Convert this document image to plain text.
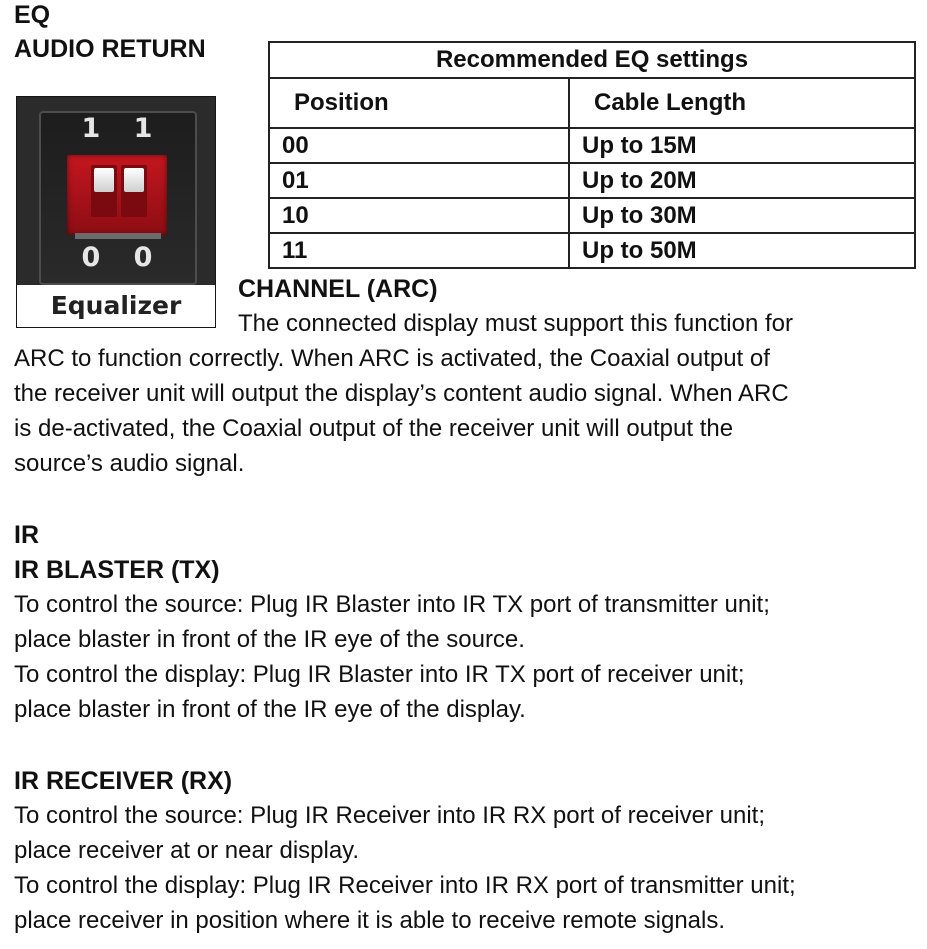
EQ
AUDIO RETURN
1 1
0 0
Equalizer
Recommended EQ settings	
Position	Cable Length
00	Up to 15M
01	Up to 20M
10	Up to 30M
11	Up to 50M
CHANNEL (ARC)
The connected display must support this function for
ARC to function correctly. When ARC is activated, the Coaxial output of
the receiver unit will output the display’s content audio signal. When ARC
is de-activated, the Coaxial output of the receiver unit will output the
source’s audio signal.
IR
IR BLASTER (TX)
To control the source: Plug IR Blaster into IR TX port of transmitter unit;
place blaster in front of the IR eye of the source.
To control the display: Plug IR Blaster into IR TX port of receiver unit;
place blaster in front of the IR eye of the display.
IR RECEIVER (RX)
To control the source: Plug IR Receiver into IR RX port of receiver unit;
place receiver at or near display.
To control the display: Plug IR Receiver into IR RX port of transmitter unit;
place receiver in position where it is able to receive remote signals.
